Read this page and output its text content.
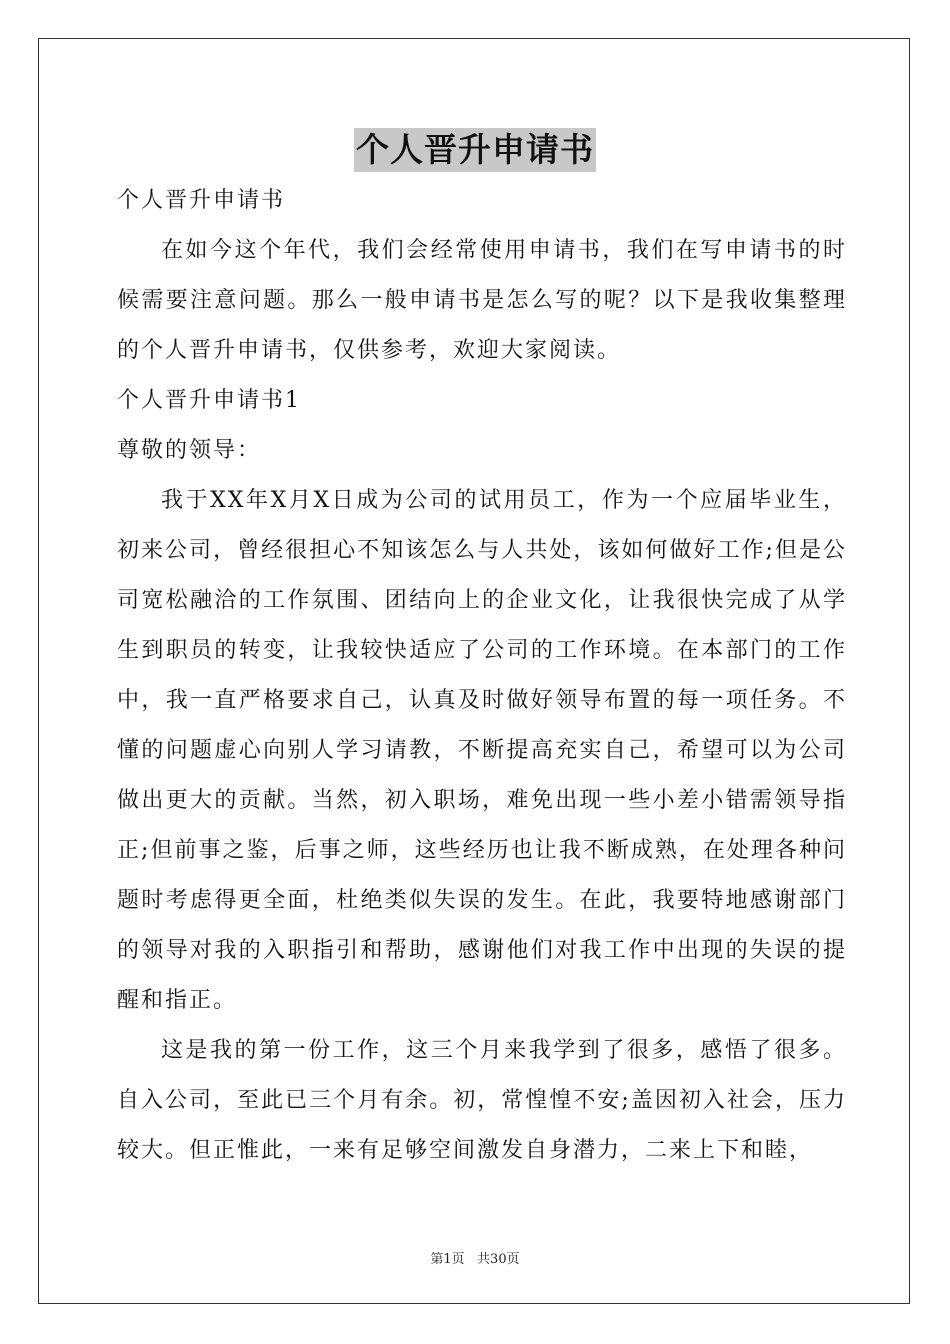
个人晋升申请书

个人晋升申请书

在如今这个年代，我们会经常使用申请书，我们在写申请书的时候需要注意问题。那么一般申请书是怎么写的呢？以下是我收集整理的个人晋升申请书，仅供参考，欢迎大家阅读。

个人晋升申请书1

尊敬的领导：

我于XX年X月X日成为公司的试用员工，作为一个应届毕业生，初来公司，曾经很担心不知该怎么与人共处，该如何做好工作;但是公司宽松融洽的工作氛围、团结向上的企业文化，让我很快完成了从学生到职员的转变，让我较快适应了公司的工作环境。在本部门的工作中，我一直严格要求自己，认真及时做好领导布置的每一项任务。不懂的问题虚心向别人学习请教，不断提高充实自己，希望可以为公司做出更大的贡献。当然，初入职场，难免出现一些小差小错需领导指正;但前事之鉴，后事之师，这些经历也让我不断成熟，在处理各种问题时考虑得更全面，杜绝类似失误的发生。在此，我要特地感谢部门的领导对我的入职指引和帮助，感谢他们对我工作中出现的失误的提醒和指正。

这是我的第一份工作，这三个月来我学到了很多，感悟了很多。自入公司，至此已三个月有余。初，常惶惶不安;盖因初入社会，压力较大。但正惟此，一来有足够空间激发自身潜力，二来上下和睦，

第1页   共30页
